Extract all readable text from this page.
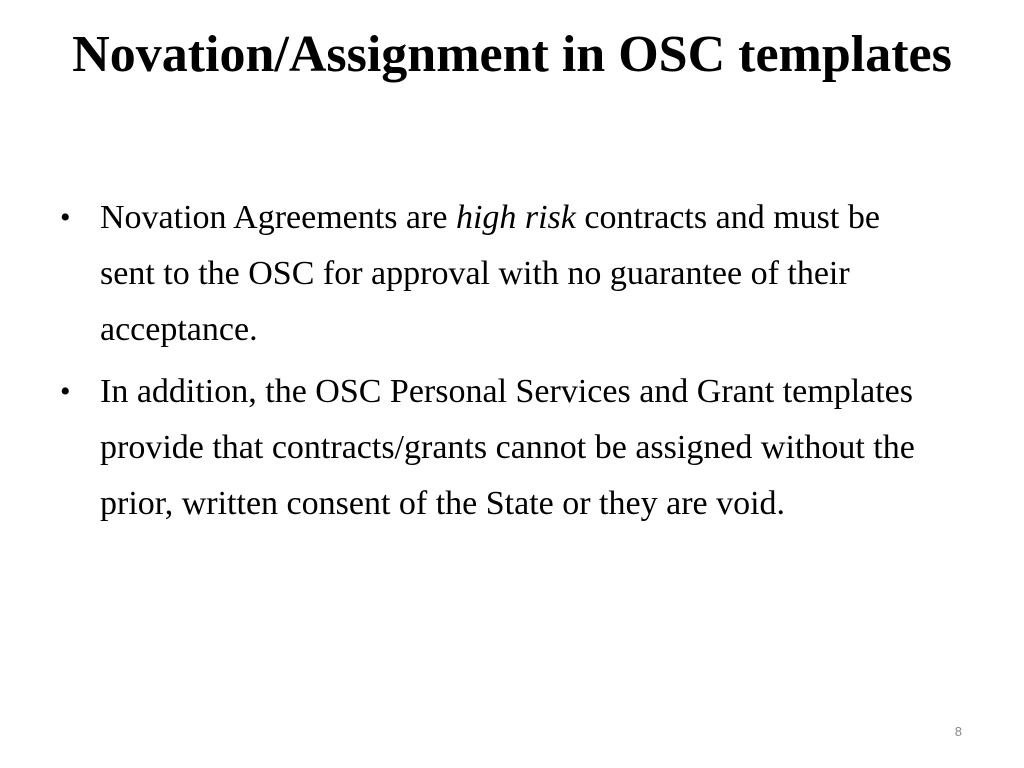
Novation/Assignment in OSC templates
• Novation Agreements are high risk contracts and must be sent to the OSC for approval with no guarantee of their acceptance.
• In addition, the OSC Personal Services and Grant templates provide that contracts/grants cannot be assigned without the prior, written consent of the State or they are void.
8
